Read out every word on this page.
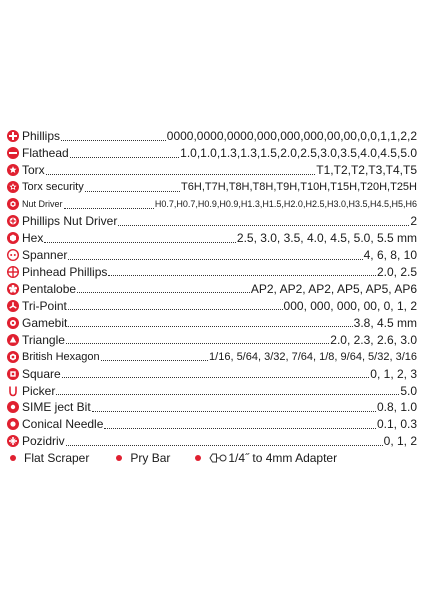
Phillips	0000,0000,0000,000,000,000,00,00,0,0,1,1,2,2
Flathead	1.0,1.0,1.3,1.3,1.5,2.0,2.5,3.0,3.5,4.0,4.5,5.0
Torx	T1,T2,T2,T3,T4,T5
Torx security	T6H,T7H,T8H,T8H,T9H,T10H,T15H,T20H,T25H
Nut Driver	H0.7,H0.7,H0.9,H0.9,H1.3,H1.5,H2.0,H2.5,H3.0,H3.5,H4.5,H5,H6
Phillips Nut Driver	2
Hex	2.5, 3.0, 3.5, 4.0, 4.5, 5.0, 5.5 mm
Spanner	4, 6, 8, 10
Pinhead Phillips	2.0, 2.5
Pentalobe	AP2, AP2, AP2, AP5, AP5, AP6
Tri-Point	000, 000, 000, 00, 0, 1, 2
Gamebit	3.8, 4.5 mm
Triangle	2.0, 2.3, 2.6, 3.0
British Hexagon	1/16, 5/64, 3/32, 7/64, 1/8, 9/64, 5/32, 3/16
Square	0, 1, 2, 3
Picker	5.0
SIME ject Bit	0.8, 1.0
Conical Needle	0.1, 0.3
Pozidriv	0, 1, 2
Flat Scraper	Pry Bar	1/4˝ to 4mm Adapter
